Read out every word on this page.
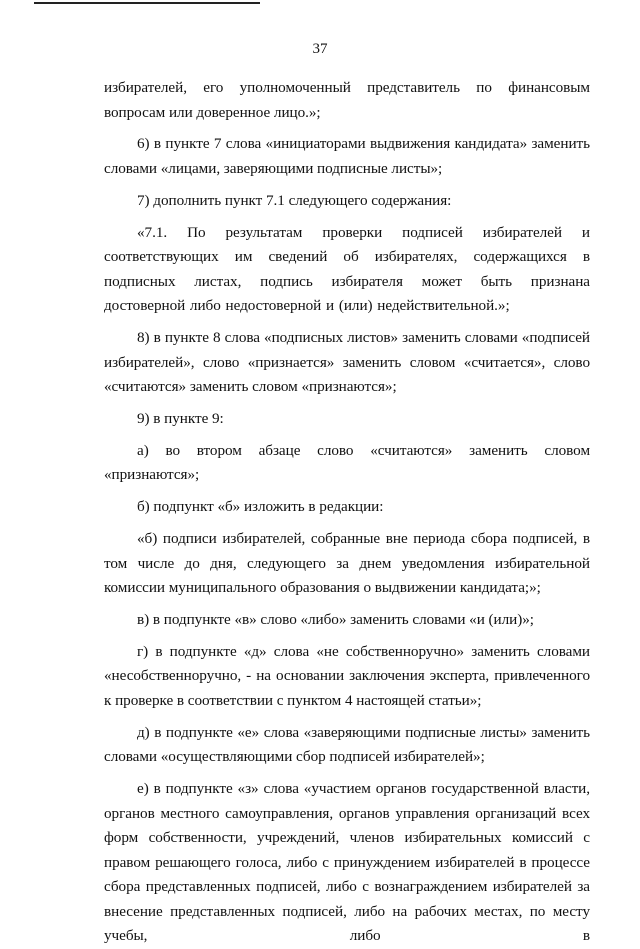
37

избирателей, его уполномоченный представитель по финансовым вопросам или доверенное лицо.»;

6) в пункте 7 слова «инициаторами выдвижения кандидата» заменить словами «лицами, заверяющими подписные листы»;

7) дополнить пункт 7.1 следующего содержания:

«7.1. По результатам проверки подписей избирателей и соответствующих им сведений об избирателях, содержащихся в подписных листах, подпись избирателя может быть признана достоверной либо недостоверной и (или) недействительной.»;

8) в пункте 8 слова «подписных листов» заменить словами «подписей избирателей», слово «признается» заменить словом «считается», слово «считаются» заменить словом «признаются»;

9) в пункте 9:

а) во втором абзаце слово «считаются» заменить словом «признаются»;

б) подпункт «б» изложить в редакции:

«б) подписи избирателей, собранные вне периода сбора подписей, в том числе до дня, следующего за днем уведомления избирательной комиссии муниципального образования о выдвижении кандидата;»;

в) в подпункте «в» слово «либо» заменить словами «и (или)»;

г) в подпункте «д» слова «не собственноручно» заменить словами «несобственноручно, - на основании заключения эксперта, привлеченного к проверке в соответствии с пунктом 4 настоящей статьи»;

д) в подпункте «е» слова «заверяющими подписные листы» заменить словами «осуществляющими сбор подписей избирателей»;

е) в подпункте «з» слова «участием органов государственной власти, органов местного самоуправления, органов управления организаций всех форм собственности, учреждений, членов избирательных комиссий с правом решающего голоса, либо с принуждением избирателей в процессе сбора представленных подписей, либо с вознаграждением избирателей за внесение представленных подписей, либо на рабочих местах, по месту учебы, либо в
